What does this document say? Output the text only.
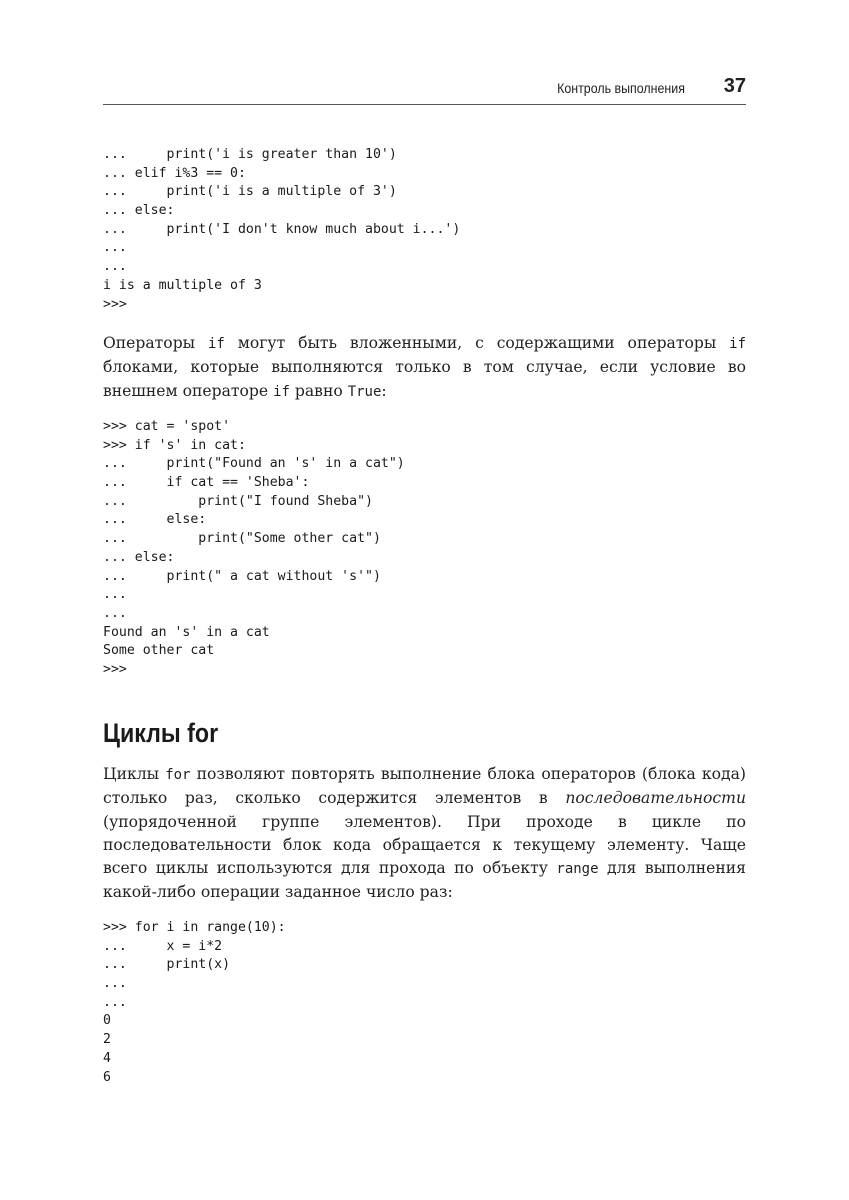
Контроль выполнения 37
...     print('i is greater than 10')
... elif i%3 == 0:
...     print('i is a multiple of 3')
... else:
...     print('I don't know much about i...')
...
...
i is a multiple of 3
>>>

Операторы if могут быть вложенными, с содержащими операторы if блоками, которые выполняются только в том случае, если условие во внешнем операторе if равно True:

>>> cat = 'spot'
>>> if 's' in cat:
...     print("Found an 's' in a cat")
...     if cat == 'Sheba':
...         print("I found Sheba")
...     else:
...         print("Some other cat")
... else:
...     print(" a cat without 's'")
...
...
Found an 's' in a cat
Some other cat
>>>
Циклы for

Циклы for позволяют повторять выполнение блока операторов (блока кода) столько раз, сколько содержится элементов в последовательности (упорядоченной группе элементов). При проходе в цикле по последовательности блок кода обращается к текущему элементу. Чаще всего циклы используются для прохода по объекту range для выполнения какой-либо операции заданное число раз:

>>> for i in range(10):
...     x = i*2
...     print(x)
...
...
0
2
4
6
